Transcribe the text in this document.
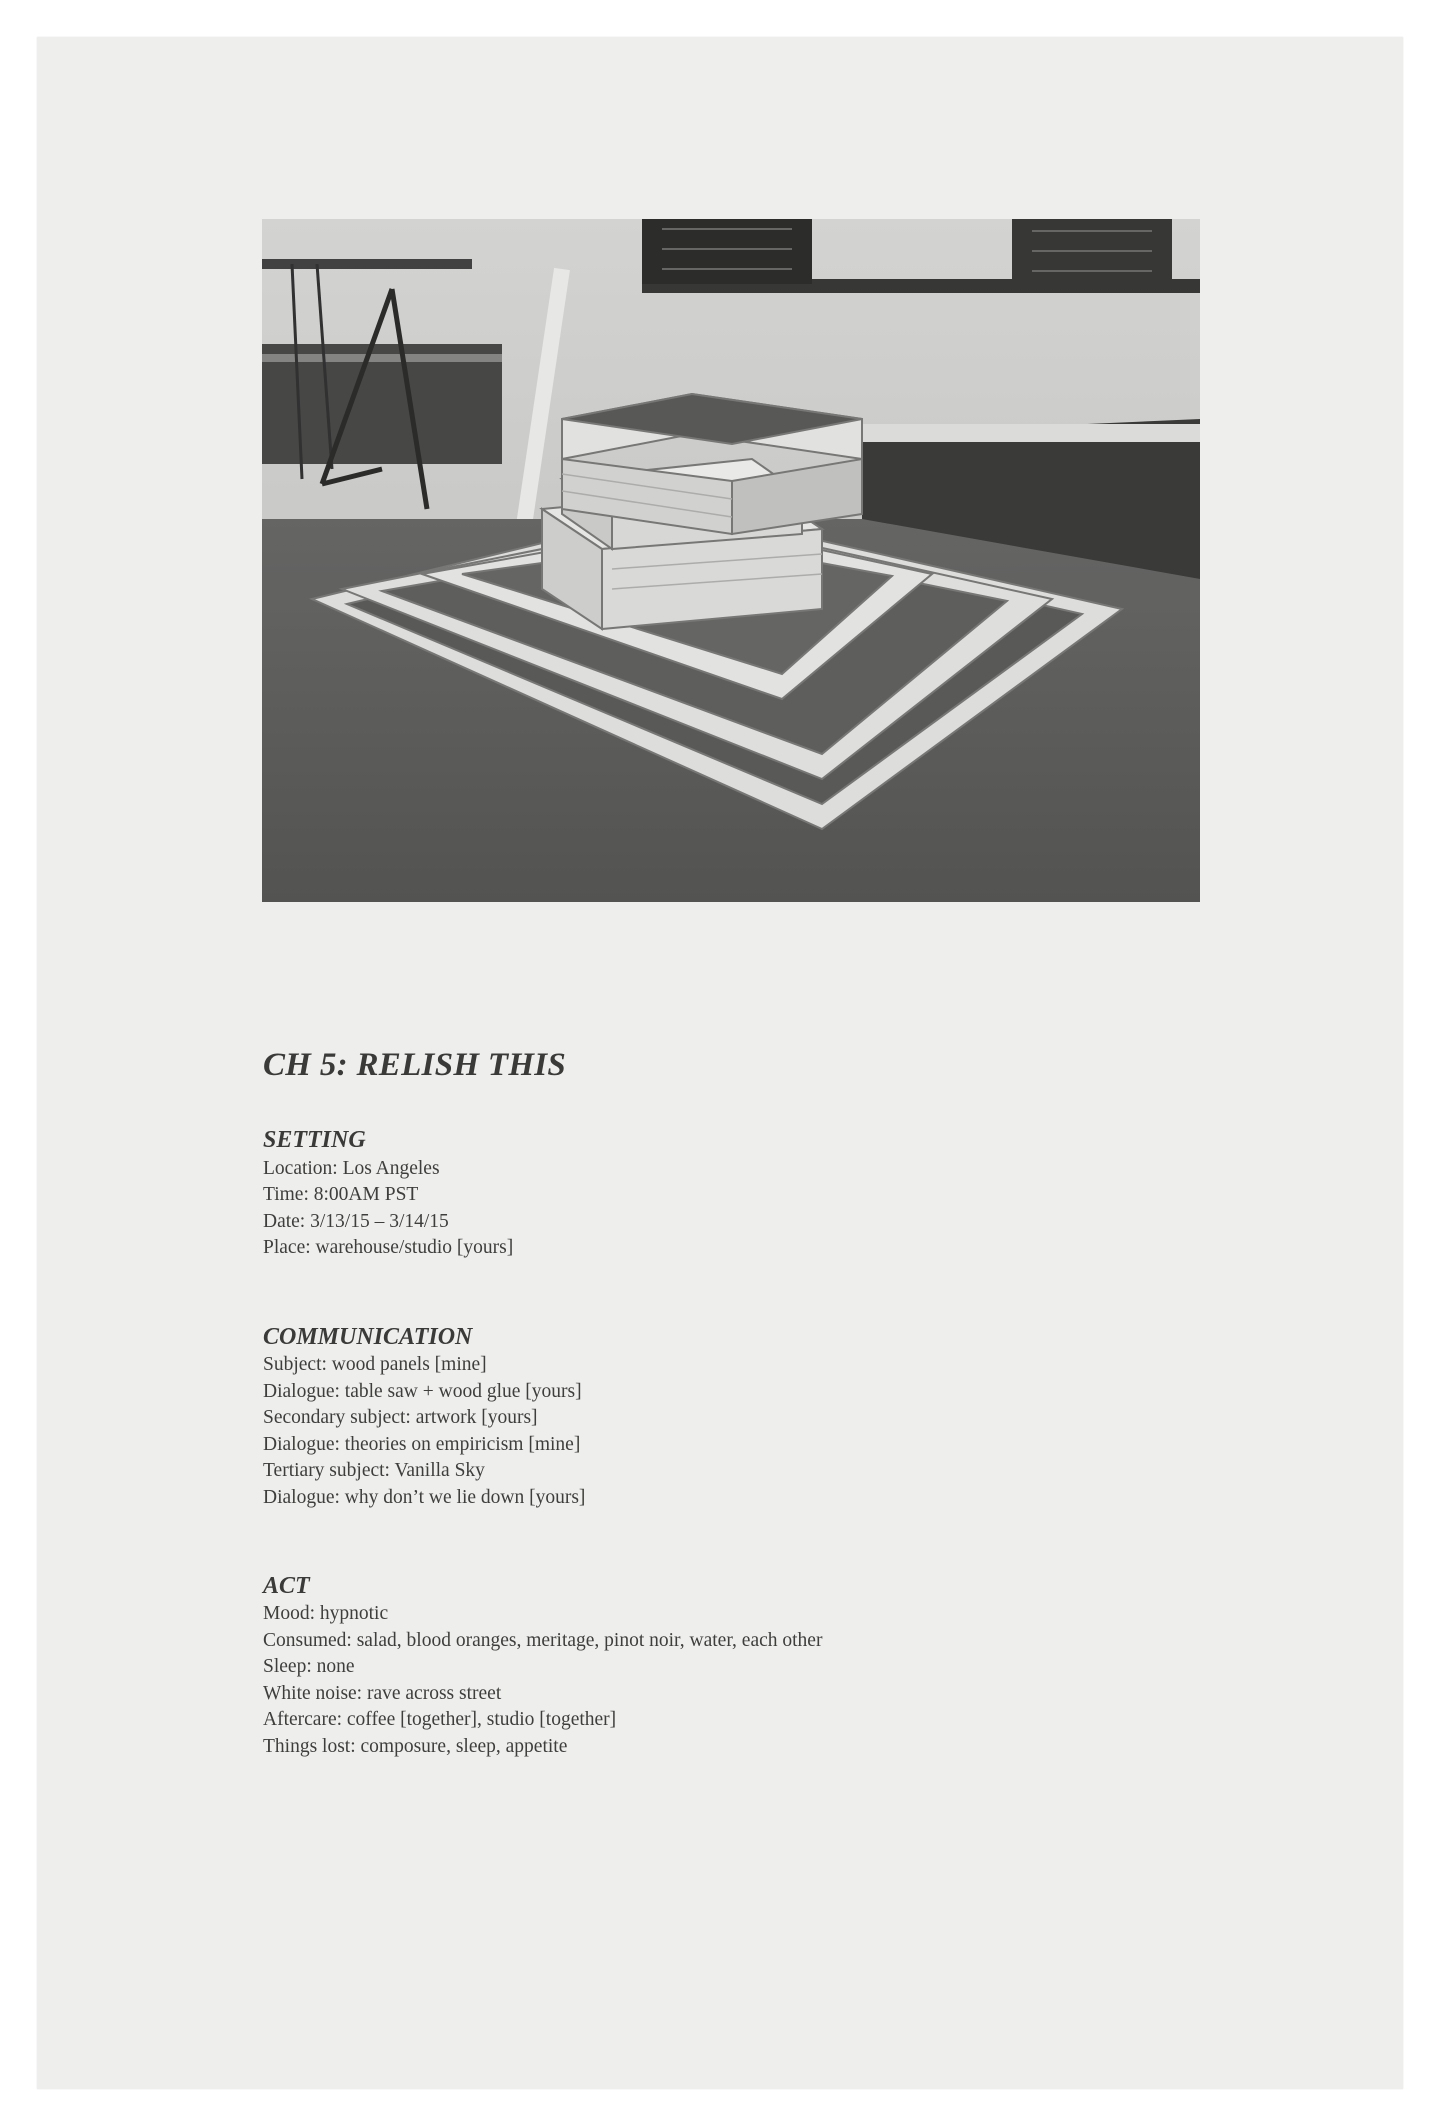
CH 5: RELISH THIS
SETTING
Location: Los Angeles
Time: 8:00AM PST
Date: 3/13/15 – 3/14/15
Place: warehouse/studio [yours]
COMMUNICATION
Subject: wood panels [mine]
Dialogue: table saw + wood glue [yours]
Secondary subject: artwork [yours]
Dialogue: theories on empiricism [mine]
Tertiary subject: Vanilla Sky
Dialogue: why don’t we lie down [yours]
ACT
Mood: hypnotic
Consumed: salad, blood oranges, meritage, pinot noir, water, each other
Sleep: none
White noise: rave across street
Aftercare: coffee [together], studio [together]
Things lost: composure, sleep, appetite
